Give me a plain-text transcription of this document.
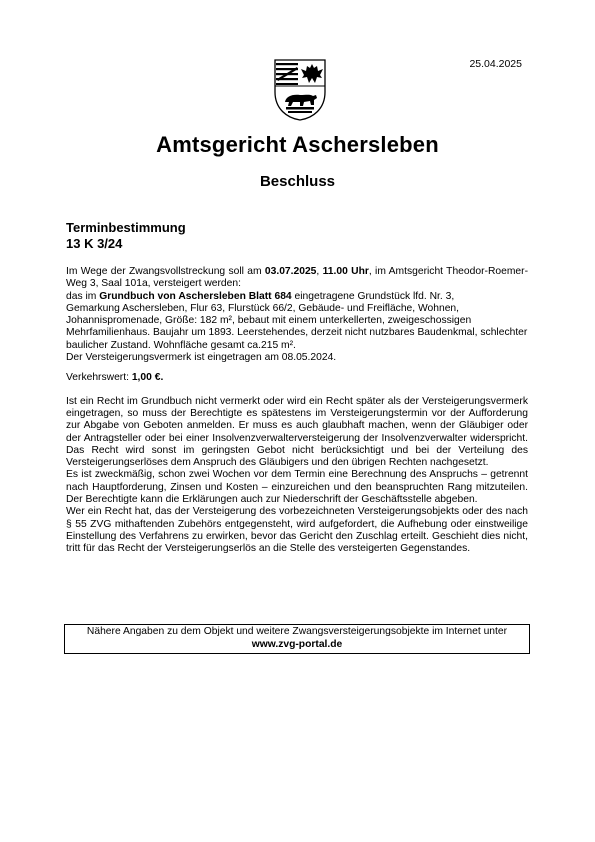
25.04.2025
Amtsgericht Aschersleben
Beschluss
Terminbestimmung
13 K 3/24

Im Wege der Zwangsvollstreckung soll am 03.07.2025, 11.00 Uhr, im Amtsgericht Theodor-Roemer-Weg 3, Saal 101a, versteigert werden:

das im Grundbuch von Aschersleben Blatt 684 eingetragene Grundstück lfd. Nr. 3,

Gemarkung Aschersleben, Flur 63, Flurstück 66/2, Gebäude- und Freifläche, Wohnen, Johannispromenade, Größe: 182 m², bebaut mit einem unterkellerten, zweigeschossigen Mehrfamilienhaus. Baujahr um 1893. Leerstehendes, derzeit nicht nutzbares Baudenkmal, schlechter baulicher Zustand. Wohnfläche gesamt ca.215 m².

Der Versteigerungsvermerk ist eingetragen am 08.05.2024.

Verkehrswert: 1,00 €.

Ist ein Recht im Grundbuch nicht vermerkt oder wird ein Recht später als der Versteigerungsvermerk eingetragen, so muss der Berechtigte es spätestens im Versteigerungstermin vor der Aufforderung zur Abgabe von Geboten anmelden. Er muss es auch glaubhaft machen, wenn der Gläubiger oder der Antragsteller oder bei einer Insolvenzverwalterversteigerung der Insolvenzverwalter widerspricht. Das Recht wird sonst im geringsten Gebot nicht berücksichtigt und bei der Verteilung des Versteigerungserlöses dem Anspruch des Gläubigers und den übrigen Rechten nachgesetzt.

Es ist zweckmäßig, schon zwei Wochen vor dem Termin eine Berechnung des Anspruchs – getrennt nach Hauptforderung, Zinsen und Kosten – einzureichen und den beanspruchten Rang mitzuteilen. Der Berechtigte kann die Erklärungen auch zur Niederschrift der Geschäftsstelle abgeben.

Wer ein Recht hat, das der Versteigerung des vorbezeichneten Versteigerungsobjekts oder des nach § 55 ZVG mithaftenden Zubehörs entgegensteht, wird aufgefordert, die Aufhebung oder einstweilige Einstellung des Verfahrens zu erwirken, bevor das Gericht den Zuschlag erteilt. Geschieht dies nicht, tritt für das Recht der Versteigerungserlös an die Stelle des versteigerten Gegenstandes.

Nähere Angaben zu dem Objekt und weitere Zwangsversteigerungsobjekte im Internet unter
www.zvg-portal.de
